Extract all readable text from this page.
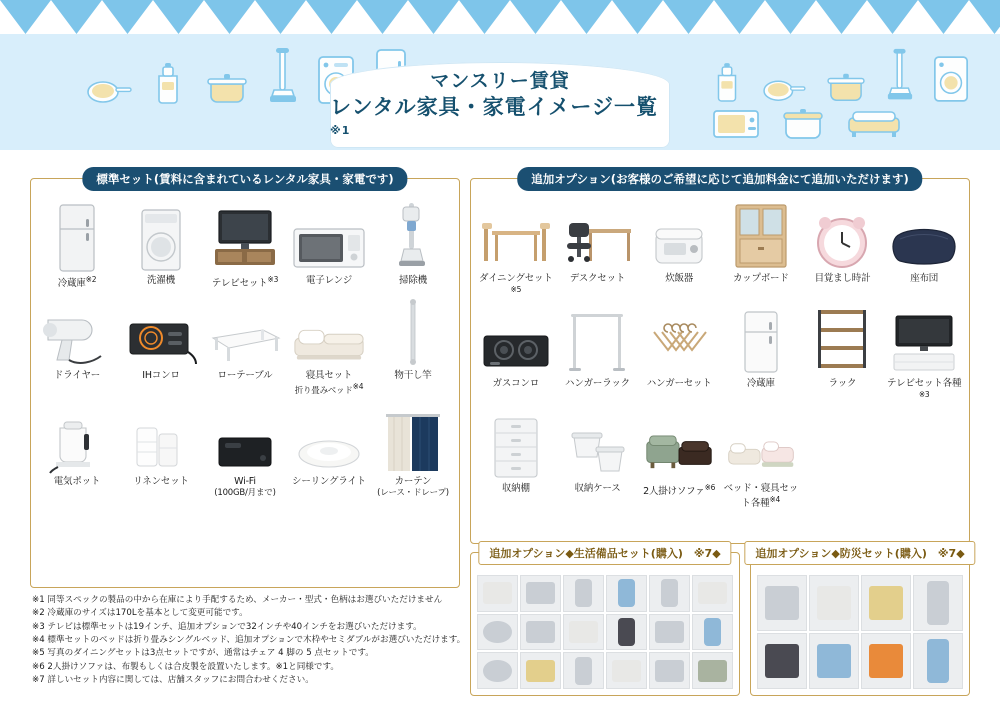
マンスリー賃貸
レンタル家具・家電イメージ一覧$^{※1}$
標準セット(賃料に含まれているレンタル家具・家電です)
冷蔵庫$^{※2}$	洗濯機	テレビセット$^{※3}$	電子レンジ	掃除機
ドライヤー	IHコンロ	ローテーブル	寝具セット
折り畳みベッド$^{※4}$
物干し竿
電気ポット	リネンセット	Wi-Fi
(100GB/月まで)
シーリングライト	カーテン
(レース・ドレープ)
追加オプション(お客様のご希望に応じて追加料金にて追加いただけます)
ダイニングセット$^{※5}$
デスクセット	炊飯器	カップボード	目覚まし時計	座布団
ガスコンロ	ハンガーラック ハンガーセット	冷蔵庫	ラック	テレビセット各種$^{※3}$
収納棚	収納ケース 2人掛けソファ$^{※6}$ ベッド・寝具セット各種$^{※4}$
追加オプション◆生活備品セット(購入)　※7◆	追加オプション◆防災セット(購入)　※7◆
※1 同等スペックの製品の中から在庫により手配するため、メーカー・型式・色柄はお選びいただけません
※2 冷蔵庫のサイズは170Lを基本として変更可能です。
※3 テレビは標準セットは19インチ、追加オプションで32インチや40インチをお選びいただけます。
※4 標準セットのベッドは折り畳みシングルベッド、追加オプションで木枠やセミダブルがお選びいただけます。
※5 写真のダイニングセットは3点セットですが、通常はチェア 4 脚の 5 点セットです。
※6 2人掛けソファは、布製もしくは合皮製を設置いたします。※1と同様です。
※7 詳しいセット内容に関しては、店舗スタッフにお問合わせください。
